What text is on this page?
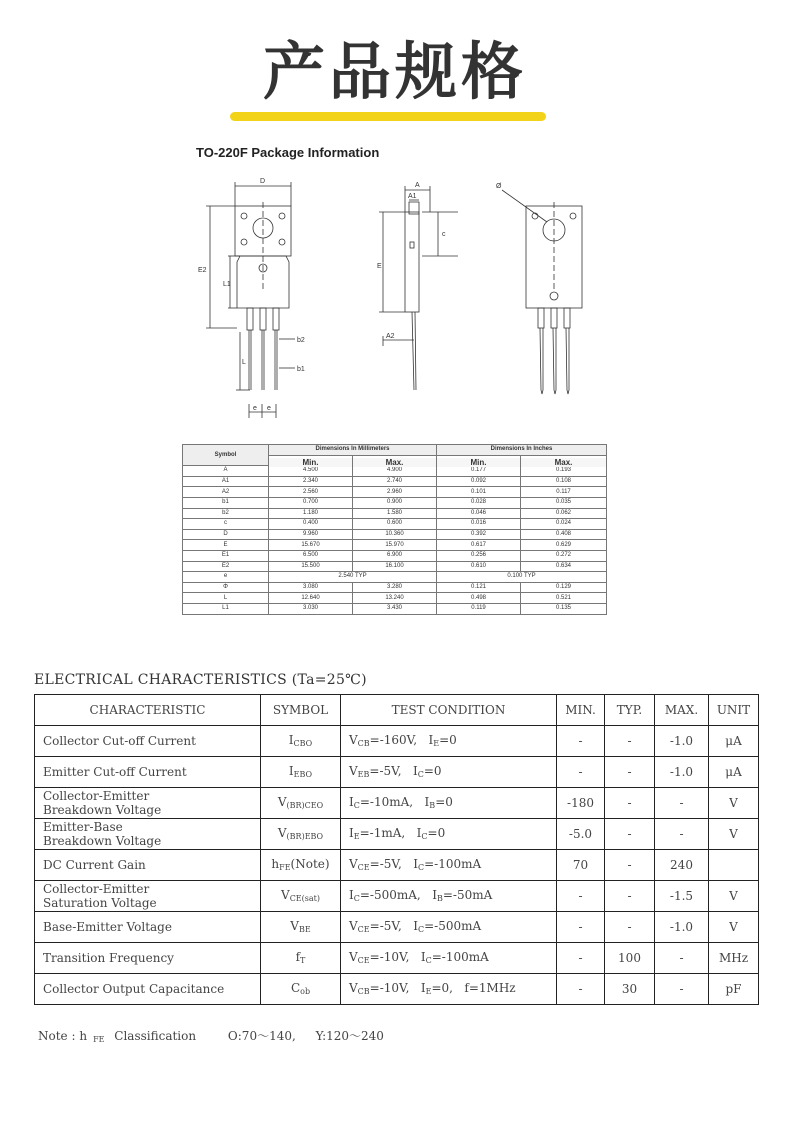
产品规格
TO-220F Package Information
D
E2
L1
L
b2
b1
e e
A
A1
E
c
A2
Ø
Symbol	Dimensions In Millimeters		Dimensions In Inches	
	Min.	Max.	Min.	Max.
A	4.500	4.900	0.177	0.193
A1	2.340	2.740	0.092	0.108
A2	2.560	2.960	0.101	0.117
b1	0.700	0.900	0.028	0.035
b2	1.180	1.580	0.046	0.062
c	0.400	0.600	0.016	0.024
D	9.960	10.360	0.392	0.408
E	15.670	15.970	0.617	0.629
E1	6.500	6.900	0.256	0.272
E2	15.500	16.100	0.610	0.634
e	2.540 TYP		0.100 TYP	
Φ	3.080	3.280	0.121	0.129
L	12.640	13.240	0.498	0.521
L1	3.030	3.430	0.119	0.135
ELECTRICAL CHARACTERISTICS (Ta=25℃)
CHARACTERISTIC	SYMBOL	TEST CONDITION	MIN.	TYP.	MAX.	UNIT

Collector Cut-off Current	ICBO	VCB=-160V,   IE=0	-	-	-1.0	μA

Emitter Cut-off Current	IEBO	VEB=-5V,   IC=0	-	-	-1.0	μA

Collector-Emitter
Breakdown Voltage	V(BR)CEO	IC=-10mA,   IB=0	-180	-	-	V

Emitter-Base
Breakdown Voltage	V(BR)EBO	IE=-1mA,   IC=0	-5.0	-	-	V

DC Current Gain	hFE(Note)	VCE=-5V,   IC=-100mA	70	-	240	

Collector-Emitter
Saturation Voltage	VCE(sat)	IC=-500mA,   IB=-50mA	-	-	-1.5	V

Base-Emitter Voltage	VBE	VCE=-5V,   IC=-500mA	-	-	-1.0	V

Transition Frequency	fT	VCE=-10V,   IC=-100mA	-	100	-	MHz

Collector Output Capacitance	Cob	VCB=-10V,   IE=0,   f=1MHz	-	30	-	pF
Note : h FE Classification	O:70～140, Y:120～240
